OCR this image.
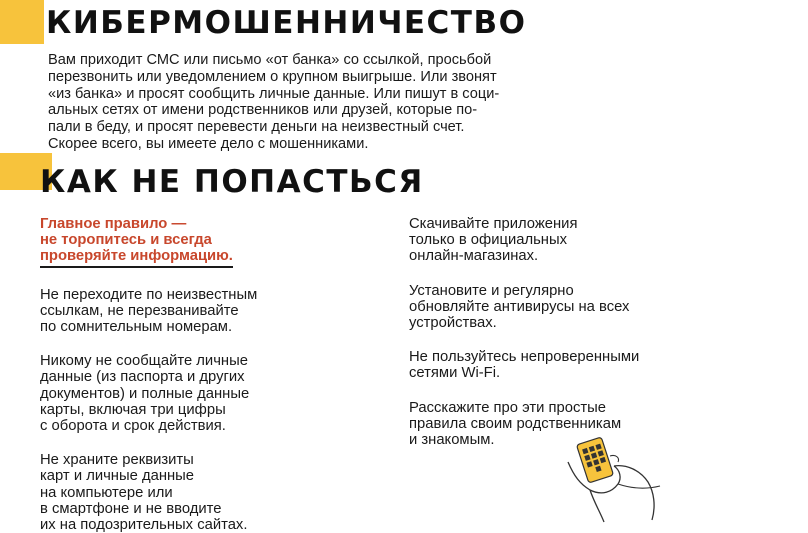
КИБЕРМОШЕННИЧЕСТВО

Вам приходит СМС или письмо «от банка» со ссылкой, просьбой
перезвонить или уведомлением о крупном выигрыше. Или звонят
«из банка» и просят сообщить личные данные. Или пишут в соци-
альных сетях от имени родственников или друзей, которые по-
пали в беду, и просят перевести деньги на неизвестный счет.
Скорее всего, вы имеете дело с мошенниками.

КАК НЕ ПОПАСТЬСЯ

Главное правило —
не торопитесь и всегда
проверяйте информацию.

Не переходите по неизвестным
ссылкам, не перезванивайте
по сомнительным номерам.

Никому не сообщайте личные
данные (из паспорта и других
документов) и полные данные
карты, включая три цифры
с оборота и срок действия.

Не храните реквизиты
карт и личные данные
на компьютере или
в смартфоне и не вводите
их на подозрительных сайтах.

Скачивайте приложения
только в официальных
онлайн-магазинах.

Установите и регулярно
обновляйте антивирусы на всех
устройствах.

Не пользуйтесь непроверенными
сетями Wi-Fi.

Расскажите про эти простые
правила своим родственникам
и знакомым.
